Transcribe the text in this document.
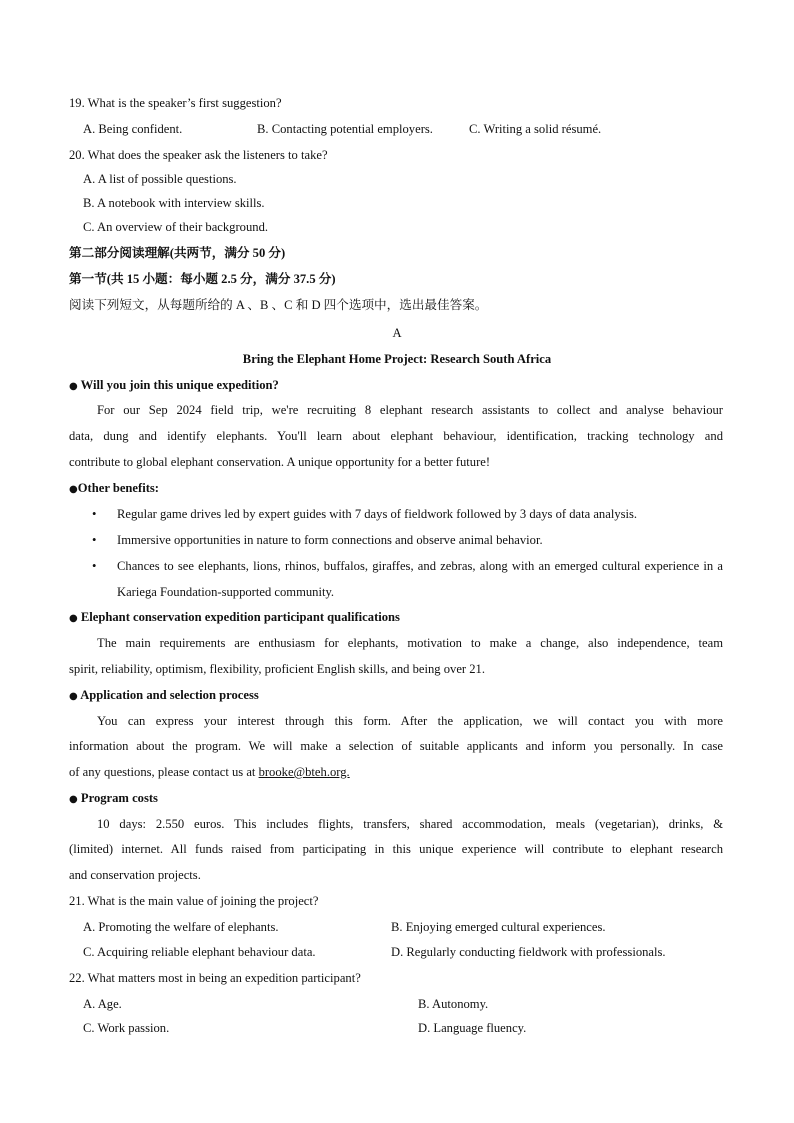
19. What is the speaker’s first suggestion?
A. Being confident.	B. Contacting potential employers.	C. Writing a solid résumé.
20. What does the speaker ask the listeners to take?
A. A list of possible questions.
B. A notebook with interview skills.
C. An overview of their background.
第二部分阅读理解(共两节，满分 50 分)
第一节(共 15 小题：每小题 2.5 分，满分 37.5 分)
阅读下列短文，从每题所给的 A 、B 、C 和 D 四个选项中，选出最佳答案。
A
Bring the Elephant Home Project: Research South Africa
● Will you join this unique expedition?
For our Sep 2024 field trip, we're recruiting 8 elephant research assistants to collect and analyse behaviour
data, dung and identify elephants. You'll learn about elephant behaviour, identification, tracking technology and
contribute to global elephant conservation. A unique opportunity for a better future!
●Other benefits:
• Regular game drives led by expert guides with 7 days of fieldwork followed by 3 days of data analysis.
• Immersive opportunities in nature to form connections and observe animal behavior.
• Chances to see elephants, lions, rhinos, buffalos, giraffes, and zebras, along with an emerged cultural experience in a Kariega Foundation-supported community.
● Elephant conservation expedition participant qualifications
The main requirements are enthusiasm for elephants, motivation to make a change, also independence, team
spirit, reliability, optimism, flexibility, proficient English skills, and being over 21.
● Application and selection process
You can express your interest through this form. After the application, we will contact you with more
information about the program. We will make a selection of suitable applicants and inform you personally. In case
of any questions, please contact us at brooke@bteh.org.
● Program costs
10 days: 2.550 euros. This includes flights, transfers, shared accommodation, meals (vegetarian), drinks, &
(limited) internet. All funds raised from participating in this unique experience will contribute to elephant research
and conservation projects.
21. What is the main value of joining the project?
A. Promoting the welfare of elephants.	B. Enjoying emerged cultural experiences.
C. Acquiring reliable elephant behaviour data.	D. Regularly conducting fieldwork with professionals.
22. What matters most in being an expedition participant?
A. Age.	B. Autonomy.
C. Work passion.	D. Language fluency.
